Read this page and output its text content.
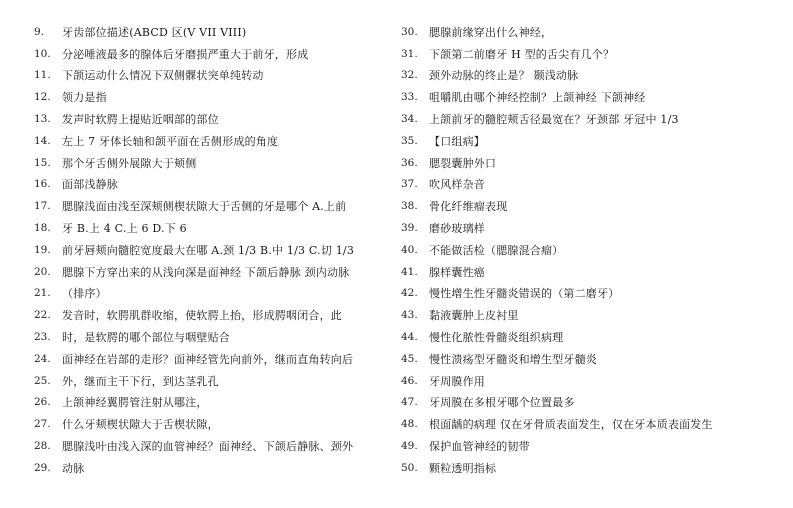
9.	牙齿部位描述(ABCD 区(V VII VIII)
10.	分泌唾液最多的腺体后牙磨损严重大于前牙，形成
11.	下颌运动什么情况下双侧髁状突单纯转动
12.	领力是指
13.	发声时软腭上提贴近咽部的部位
14.	左上 7 牙体长轴和颌平面在舌侧形成的角度
15.	那个牙舌侧外展隙大于颊侧
16.	面部浅静脉
17.	腮腺浅面由浅至深颊侧楔状隙大于舌侧的牙是哪个 A.上前
18.	牙 B.上 4 C.上 6 D.下 6
19.	前牙唇颊向髓腔宽度最大在哪 A.颈 1/3 B.中 1/3 C.切 1/3
20.	腮腺下方穿出来的从浅向深是面神经 下颌后静脉 颈内动脉
21.	（排序）
22.	发音时，软腭肌群收缩，使软腭上抬，形成腭咽闭合，此
23.	时，是软腭的哪个部位与咽壁贴合
24.	面神经在岩部的走形？面神经管先向前外，继而直角转向后
25.	外，继而主干下行，到达茎乳孔
26.	上颌神经翼腭管注射从哪注，
27.	什么牙颊楔状隙大于舌楔状隙，
28.	腮腺浅叶由浅入深的血管神经？面神经、下颌后静脉、颈外
29.	动脉
30.	腮腺前缘穿出什么神经，
31.	下颌第二前磨牙 H 型的舌尖有几个？
32.	颈外动脉的终止是？ 颞浅动脉
33.	咀嚼肌由哪个神经控制？上颌神经 下颌神经
34.	上颌前牙的髓腔颊舌径最宽在？牙颈部 牙冠中 1/3
35.	【口组病】
36.	腮裂囊肿外口
37.	吹风样杂音
38.	骨化纤维瘤表现
39.	磨砂玻璃样
40.	不能做活检（腮腺混合瘤）
41.	腺样囊性癌
42.	慢性增生性牙髓炎错误的（第二磨牙）
43.	黏液囊肿上皮衬里
44.	慢性化脓性骨髓炎组织病理
45.	慢性溃疡型牙髓炎和增生型牙髓炎
46.	牙周膜作用
47.	牙周膜在多根牙哪个位置最多
48.	根面龋的病理 仅在牙骨质表面发生，仅在牙本质表面发生
49.	保护血管神经的韧带
50.	颗粒透明指标
